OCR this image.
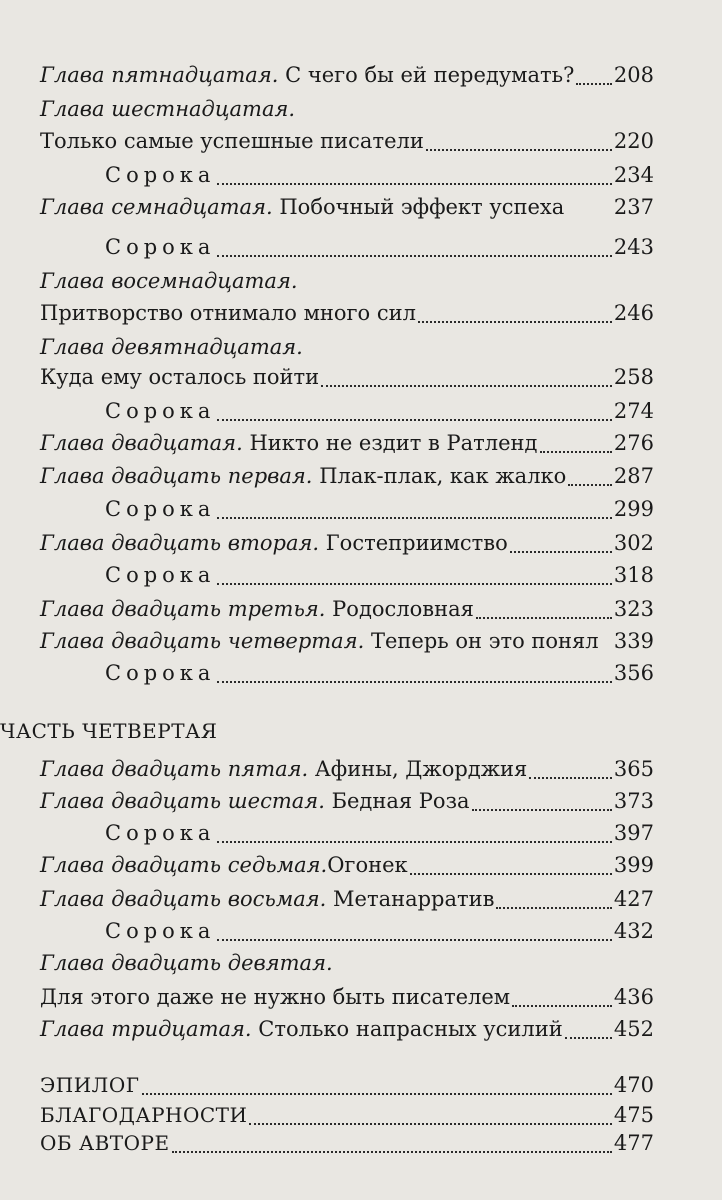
Глава пятнадцатая. С чего бы ей передумать? 208
Глава шестнадцатая.
Только самые успешные писатели	220
Сорока	234
Глава семнадцатая. Побочный эффект успеха 237
Сорока	243
Глава восемнадцатая.
Притворство отнимало много сил	246
Глава девятнадцатая.
Куда ему осталось пойти	258
Сорока	274
Глава двадцатая. Никто не ездит в Ратленд	276
Глава двадцать первая. Плак-плак, как жалко 287
Сорока	299
Глава двадцать вторая. Гостеприимство	302
Сорока	318
Глава двадцать третья. Родословная	323
Глава двадцать четвертая. Теперь он это понял 339
Сорока	356
ЧАСТЬ ЧЕТВЕРТАЯ
Глава двадцать пятая. Афины, Джорджия	365
Глава двадцать шестая. Бедная Роза	373
Сорока	397
Глава двадцать седьмая.Огонек	399
Глава двадцать восьмая. Метанарратив	427
Сорока	432
Глава двадцать девятая.
Для этого даже не нужно быть писателем	436
Глава тридцатая. Столько напрасных усилий 452
ЭПИЛОГ	470
БЛАГОДАРНОСТИ	475
ОБ АВТОРЕ	477
